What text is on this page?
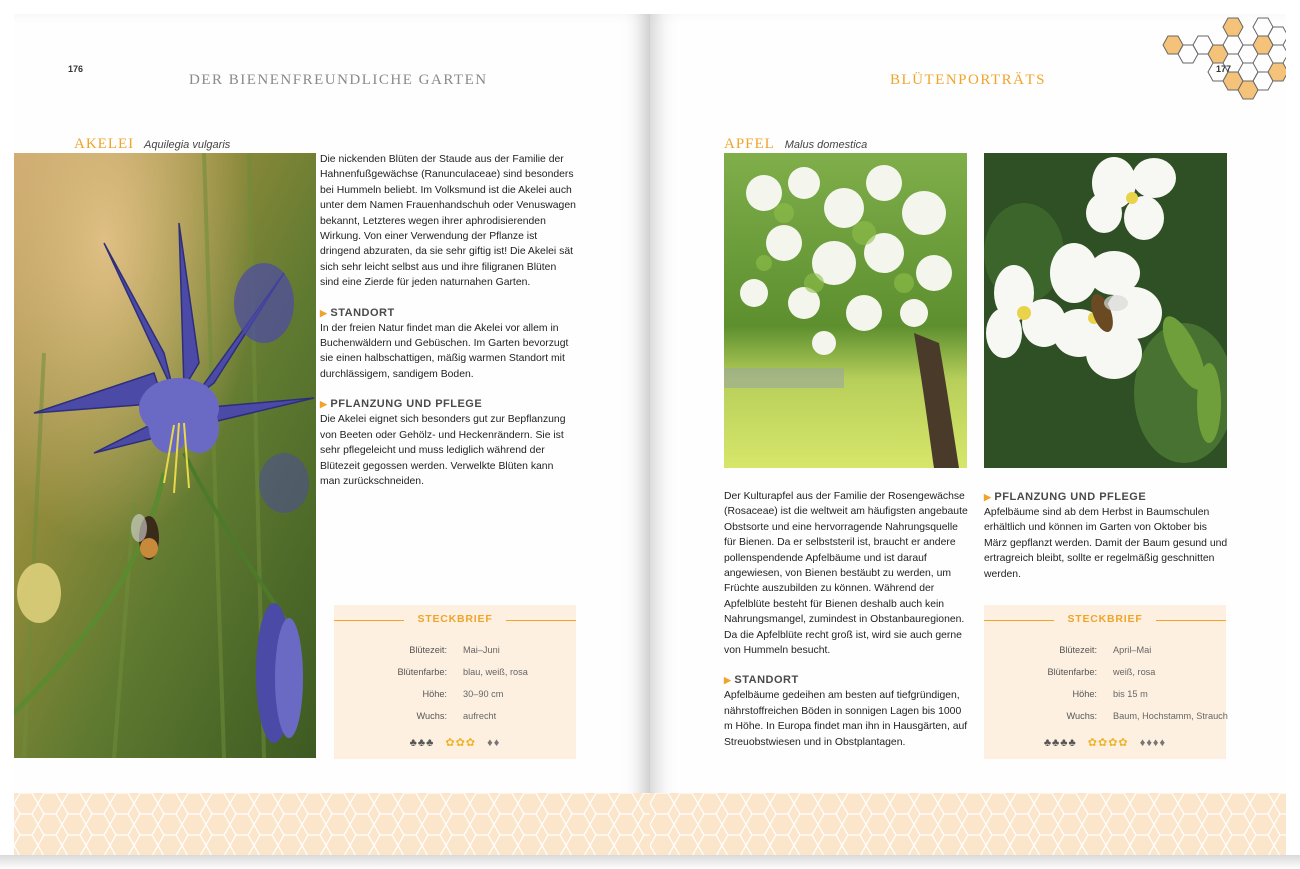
176
DER BIENENFREUNDLICHE GARTEN
AKELEI Aquilegia vulgaris

Die nickenden Blüten der Staude aus der Familie der Hahnenfußgewächse (Ranunculaceae) sind besonders bei Hummeln beliebt. Im Volksmund ist die Akelei auch unter dem Namen Frauenhandschuh oder Venuswagen bekannt, Letzteres wegen ihrer aphrodisierenden Wirkung. Von einer Verwendung der Pflanze ist dringend abzuraten, da sie sehr giftig ist! Die Akelei sät sich sehr leicht selbst aus und ihre filigranen Blüten sind eine Zierde für jeden naturnahen Garten.

▶ STANDORT
In der freien Natur findet man die Akelei vor allem in Buchenwäldern und Gebüschen. Im Garten bevorzugt sie einen halbschattigen, mäßig warmen Standort mit durchlässigem, sandigem Boden.
▶ PFLANZUNG UND PFLEGE
Die Akelei eignet sich besonders gut zur Bepflanzung von Beeten oder Gehölz- und Heckenrändern. Sie ist sehr pflegeleicht und muss lediglich während der Blütezeit gegossen werden. Verwelkte Blüten kann man zurückschneiden.
STECKBRIEF
Blütezeit: Mai–Juni
Blütenfarbe: blau, weiß, rosa
Höhe: 30–90 cm
Wuchs: aufrecht
♣♣♣ ✿✿✿ ♦♦
177
BLÜTENPORTRÄTS
APFEL Malus domestica

Der Kulturapfel aus der Familie der Rosengewächse (Rosaceae) ist die weltweit am häufigsten angebaute Obstsorte und eine hervorragende Nahrungsquelle für Bienen. Da er selbststeril ist, braucht er andere pollenspendende Apfelbäume und ist darauf angewiesen, von Bienen bestäubt zu werden, um Früchte auszubilden zu können. Während der Apfelblüte besteht für Bienen deshalb auch kein Nahrungsmangel, zumindest in Obstanbauregionen. Da die Apfelblüte recht groß ist, wird sie auch gerne von Hummeln besucht.

▶ STANDORT
Apfelbäume gedeihen am besten auf tiefgründigen, nährstoffreichen Böden in sonnigen Lagen bis 1000 m Höhe. In Europa findet man ihn in Hausgärten, auf Streuobstwiesen und in Obstplantagen.
▶ PFLANZUNG UND PFLEGE
Apfelbäume sind ab dem Herbst in Baumschulen erhältlich und können im Garten von Oktober bis März gepflanzt werden. Damit der Baum gesund und ertragreich bleibt, sollte er regelmäßig geschnitten werden.
STECKBRIEF
Blütezeit: April–Mai
Blütenfarbe: weiß, rosa
Höhe: bis 15 m
Wuchs: Baum, Hochstamm, Strauch
♣♣♣♣ ✿✿✿✿ ♦♦♦♦
